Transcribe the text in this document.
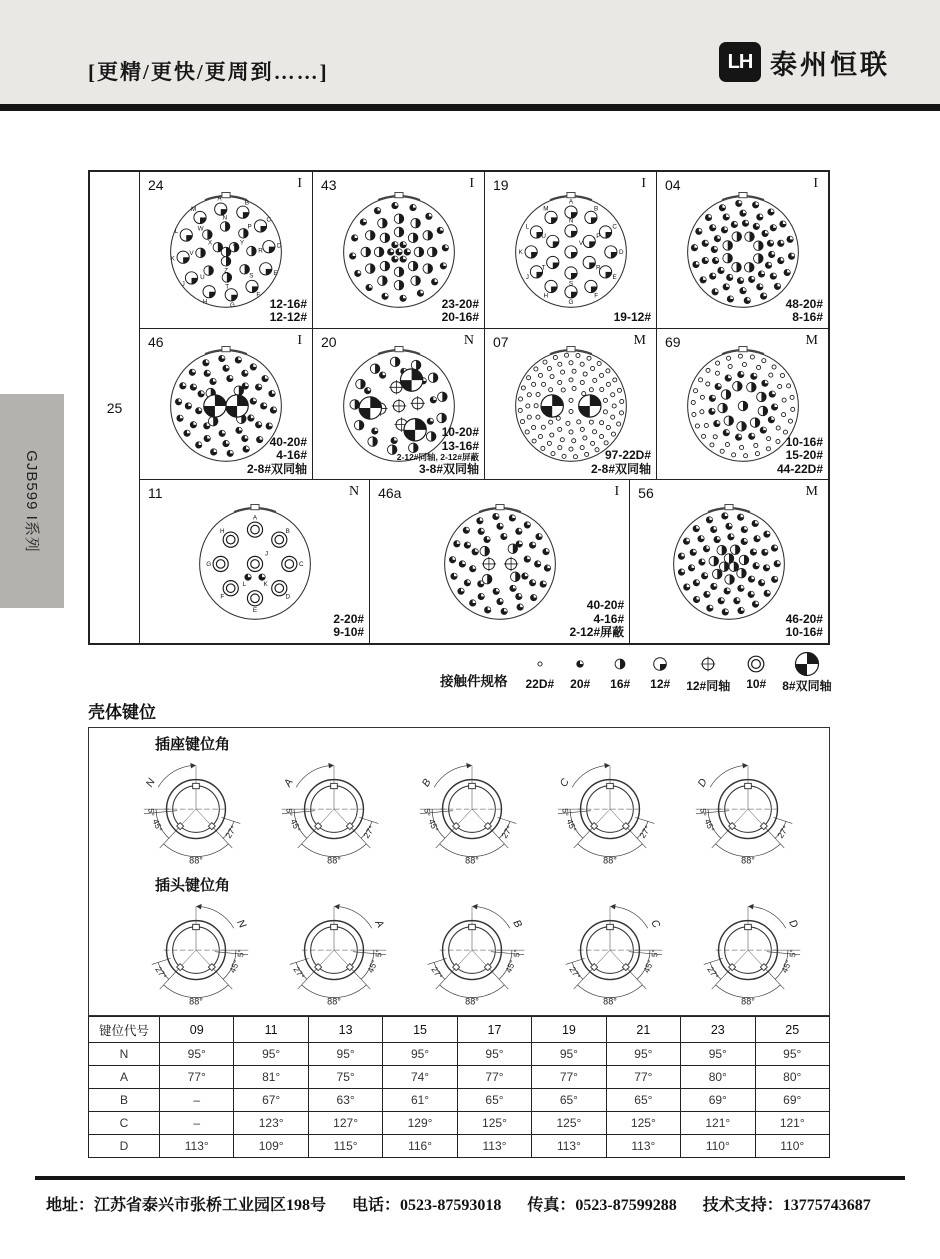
[更精/更快/更周到……]	LH 泰州恒联
GJB599 I系列
25
24	I
A
B
C
D
E
F
G
H
J
K
L
M
N
P
R
S
T
U
V
W
X	Y
Z
a
12-16#
12-12#
43	I
23-20#
20-16#
19	I
A
B
C
D
E
F
G
H
J
K
L
M
N
P
R
S
T
U
V
19-12#
04	I
48-20#
8-16#
46	I
40-20#
4-16#
2-8#双同轴
20	N
10-20#
13-16#
2-12#同轴, 2-12#屏蔽
3-8#双同轴
07	M
97-22D#
2-8#双同轴
69	M
10-16#
15-20#
44-22D#
11	N
A
B
C
D
E
F
G
H
J
L	K
2-20#
9-10#
46a	I
40-20#
4-16#
2-12#屏蔽
56	M
46-20#
10-16#
接触件规格 22D# 20# 16# 12# 12#同轴 10# 8#双同轴
壳体键位
插座键位角
5°
45°
88°
27°
N
5°
45°
88°
27°
A
5°
45°
88°
27°
B
5°
45°
88°
27°
C
5°
45°
88°
27°
D
插头键位角
5°
45°
88°
27°
N
5°
45°
88°
27°
A
5°
45°
88°
27°
B
5°
45°
88°
27°
C
5°
45°
88°
27°
D
键位代号	09	11	13	15	17	19	21	23	25
N	95°	95°	95°	95°	95°	95°	95°	95°	95°
A	77°	81°	75°	74°	77°	77°	77°	80°	80°
B	–	67°	63°	61°	65°	65°	65°	69°	69°
C	–	123°	127°	129°	125°	125°	125°	121°	121°
D	113°	109°	115°	116°	113°	113°	113°	110°	110°
地址：江苏省泰兴市张桥工业园区198号 电话：0523-87593018 传真：0523-87599288 技术支持：13775743687
